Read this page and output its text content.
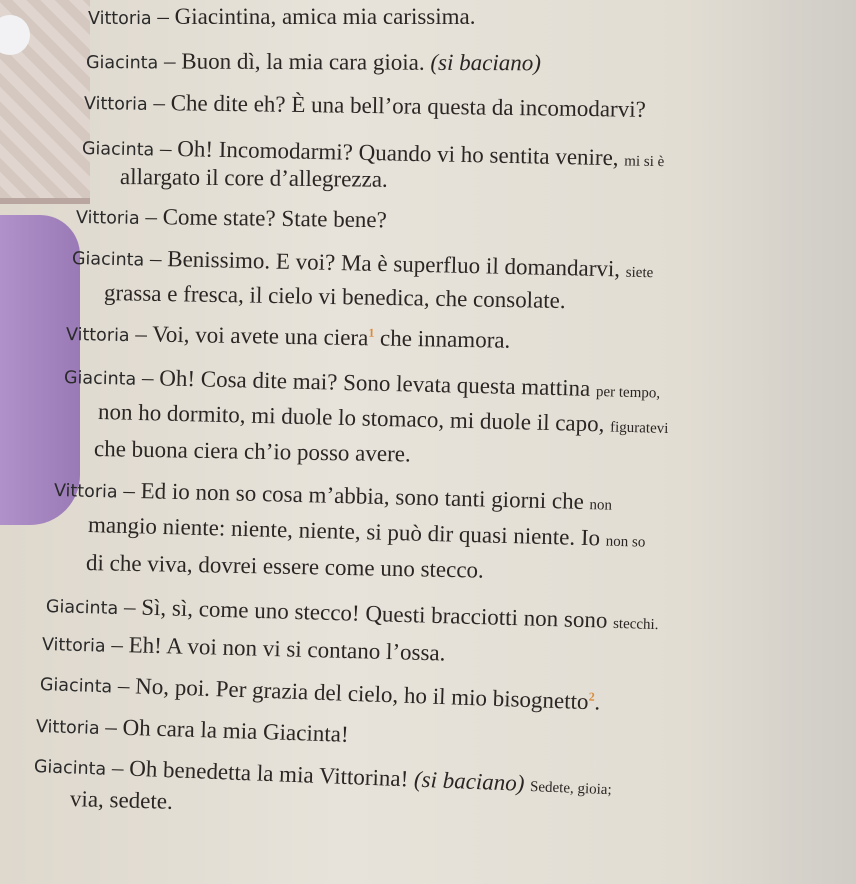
Vittoria – Giacintina, amica mia carissima.
Giacinta – Buon dì, la mia cara gioia. (si baciano)
Vittoria – Che dite eh? È una bell’ora questa da incomodarvi?
Giacinta – Oh! Incomodarmi? Quando vi ho sentita venire, mi si è
allargato il core d’allegrezza.
Vittoria – Come state? State bene?
Giacinta – Benissimo. E voi? Ma è superfluo il domandarvi, siete
grassa e fresca, il cielo vi benedica, che consolate.
Vittoria – Voi, voi avete una ciera$^1$ che innamora.
Giacinta – Oh! Cosa dite mai? Sono levata questa mattina per tempo,
non ho dormito, mi duole lo stomaco, mi duole il capo, figuratevi
che buona ciera ch’io posso avere.
Vittoria – Ed io non so cosa m’abbia, sono tanti giorni che non
mangio niente: niente, niente, si può dir quasi niente. Io non so
di che viva, dovrei essere come uno stecco.
Giacinta – Sì, sì, come uno stecco! Questi bracciotti non sono stecchi.
Vittoria – Eh! A voi non vi si contano l’ossa.
Giacinta – No, poi. Per grazia del cielo, ho il mio bisognetto$^2$.
Vittoria – Oh cara la mia Giacinta!
Giacinta – Oh benedetta la mia Vittorina! (si baciano) Sedete, gioia;
via, sedete.
